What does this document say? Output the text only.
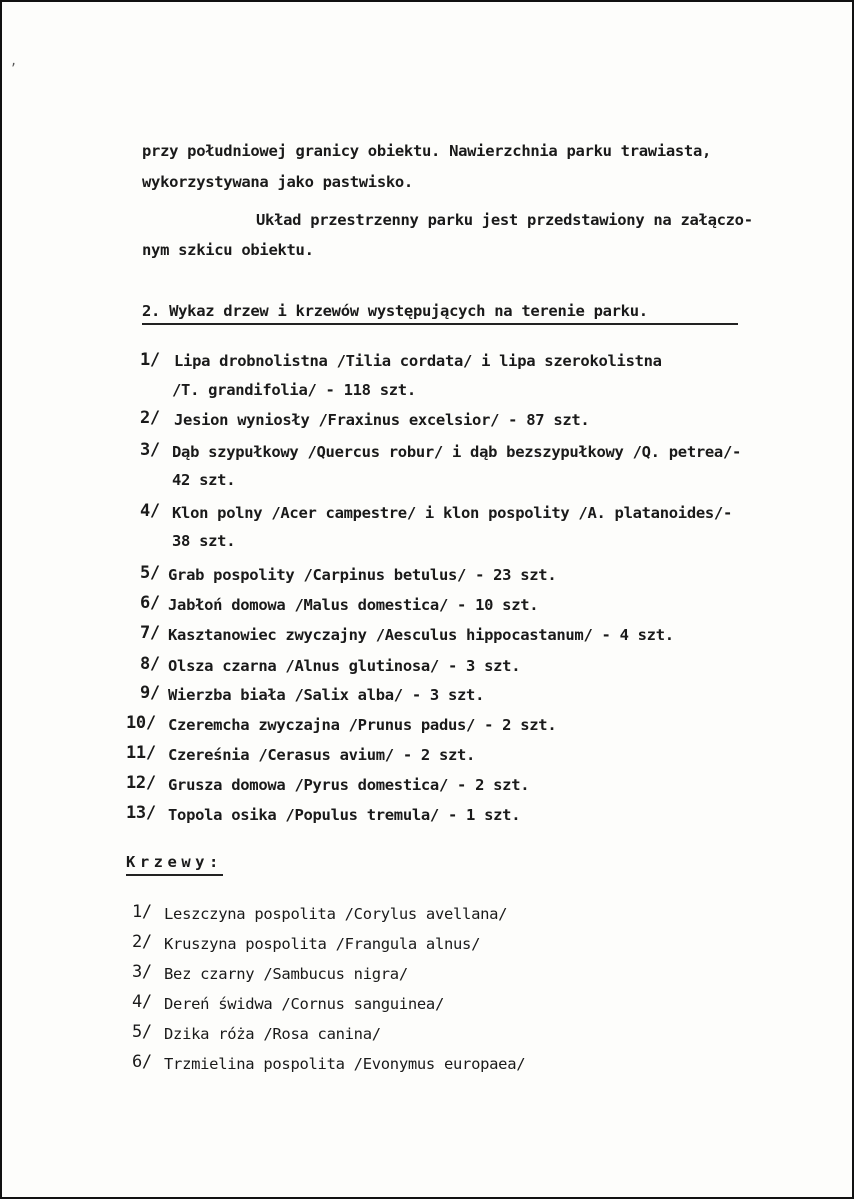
,
przy południowej granicy obiektu. Nawierzchnia parku trawiasta,
wykorzystywana jako pastwisko.
Układ przestrzenny parku jest przedstawiony na załączo-
nym szkicu obiektu.
2. Wykaz drzew i krzewów występujących na terenie parku.
1/ Lipa drobnolistna /Tilia cordata/ i lipa szerokolistna
/T. grandifolia/ - 118 szt.
2/ Jesion wyniosły /Fraxinus excelsior/ - 87 szt.
3/ Dąb szypułkowy /Quercus robur/ i dąb bezszypułkowy /Q. petrea/-
42 szt.
4/ Klon polny /Acer campestre/ i klon pospolity /A. platanoides/-
38 szt.
5/ Grab pospolity /Carpinus betulus/ - 23 szt.
6/ Jabłoń domowa /Malus domestica/ - 10 szt.
7/ Kasztanowiec zwyczajny /Aesculus hippocastanum/ - 4 szt.
8/ Olsza czarna /Alnus glutinosa/ - 3 szt.
9/ Wierzba biała /Salix alba/ - 3 szt.
10/ Czeremcha zwyczajna /Prunus padus/ - 2 szt.
11/ Czereśnia /Cerasus avium/ - 2 szt.
12/ Grusza domowa /Pyrus domestica/ - 2 szt.
13/ Topola osika /Populus tremula/ - 1 szt.
Krzewy:
1/ Leszczyna pospolita /Corylus avellana/
2/ Kruszyna pospolita /Frangula alnus/
3/ Bez czarny /Sambucus nigra/
4/ Dereń świdwa /Cornus sanguinea/
5/ Dzika róża /Rosa canina/
6/ Trzmielina pospolita /Evonymus europaea/
